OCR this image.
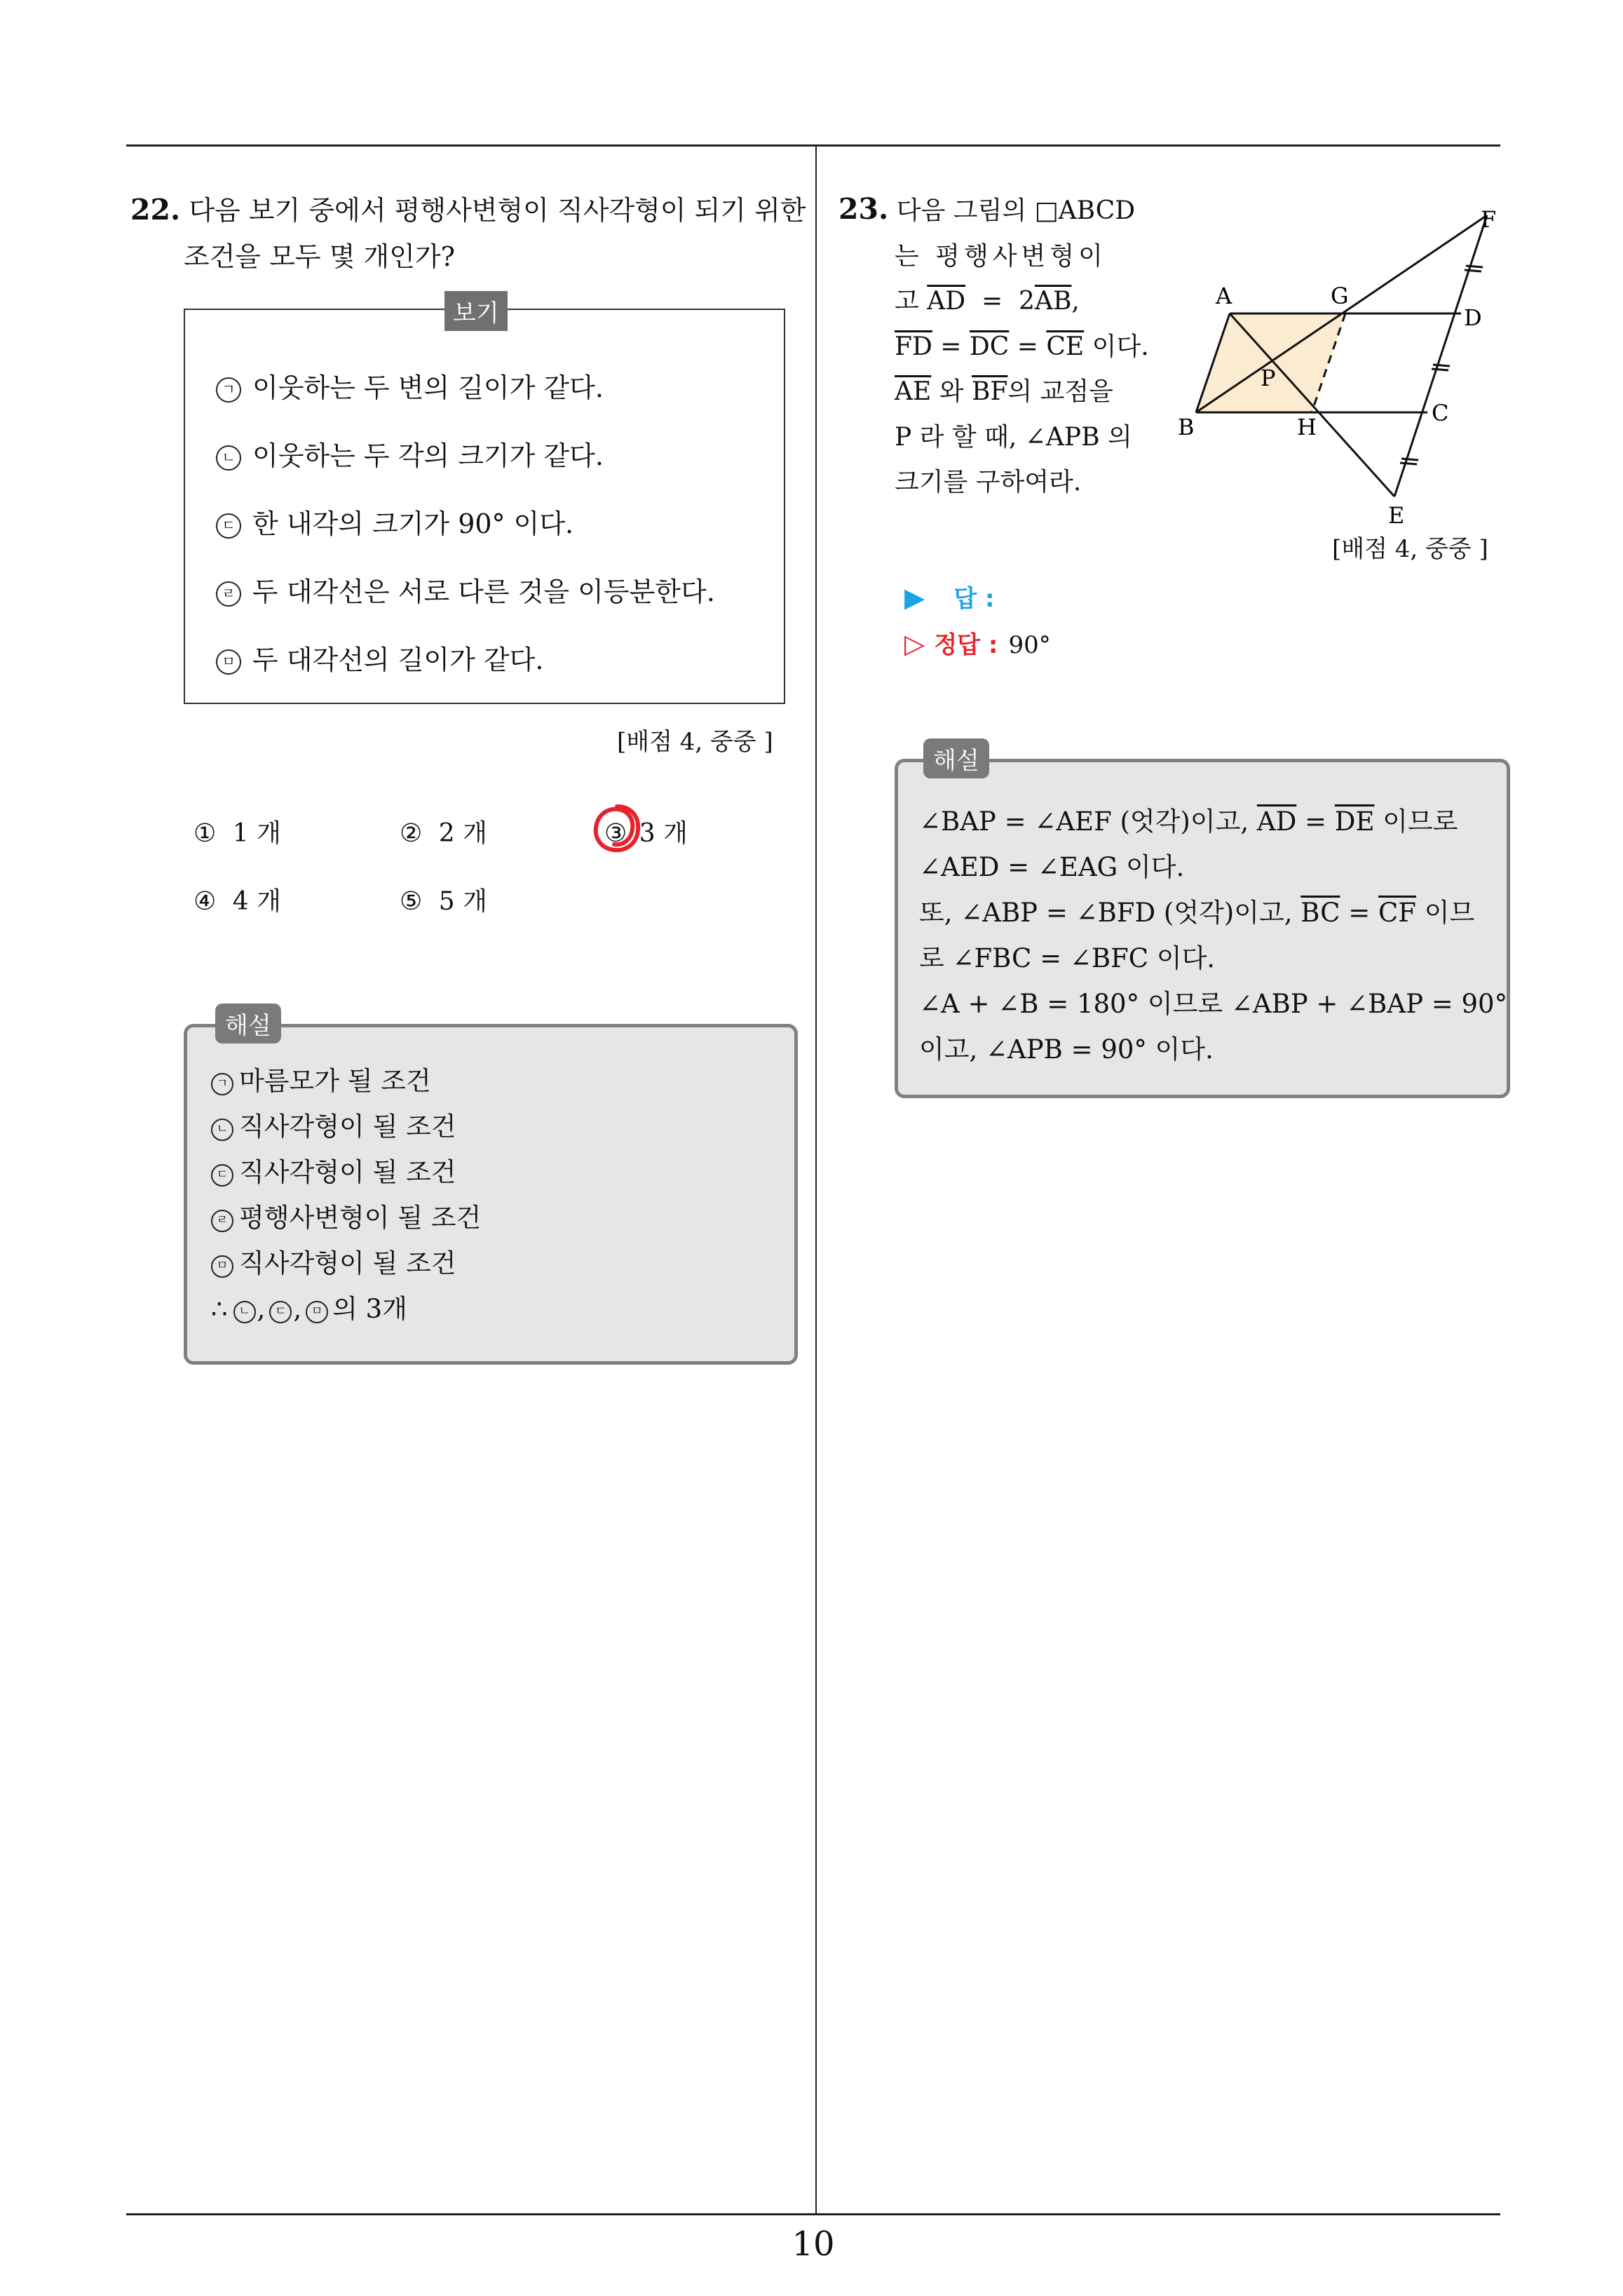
10
22. 다음 보기 중에서 평행사변형이 직사각형이 되기 위한
조건을 모두 몇 개인가?
보기
ㄱ 이웃하는 두 변의 길이가 같다.
ㄴ 이웃하는 두 각의 크기가 같다.
ㄷ 한 내각의 크기가 90° 이다.
ㄹ 두 대각선은 서로 다른 것을 이등분한다.
ㅁ 두 대각선의 길이가 같다.
[배점 4, 중중 ]
① 1 개	② 2 개	③ 3 개
④ 4 개	⑤ 5 개
해설
ㄱ 마름모가 될 조건
ㄴ 직사각형이 될 조건
ㄷ 직사각형이 될 조건
ㄹ 평행사변형이 될 조건
ㅁ 직사각형이 될 조건
∴ ㄴ , ㄷ , ㅁ 의 3개
23. 다음 그림의 □ABCD
는 평행사변형이
고 $\overline{AD} = 2\overline{AB}$,
$\overline{FD} = \overline{DC} = \overline{CE}$ 이다.
$\overline{AE}$ 와 $\overline{BF}$의 교점을
P 라 할 때, ∠APB 의
크기를 구하여라.
A	G
D
B	H
C
P
E
F
[배점 4, 중중 ]
▶ 답 :
▷ 정답 : 90°
해설
∠BAP = ∠AEF (엇각)이고, $\overline{AD} = \overline{DE}$ 이므로
∠AED = ∠EAG 이다.
또, ∠ABP = ∠BFD (엇각)이고, $\overline{BC} = \overline{CF}$ 이므
로 ∠FBC = ∠BFC 이다.
∠A + ∠B = 180° 이므로 ∠ABP + ∠BAP = 90°
이고, ∠APB = 90° 이다.
